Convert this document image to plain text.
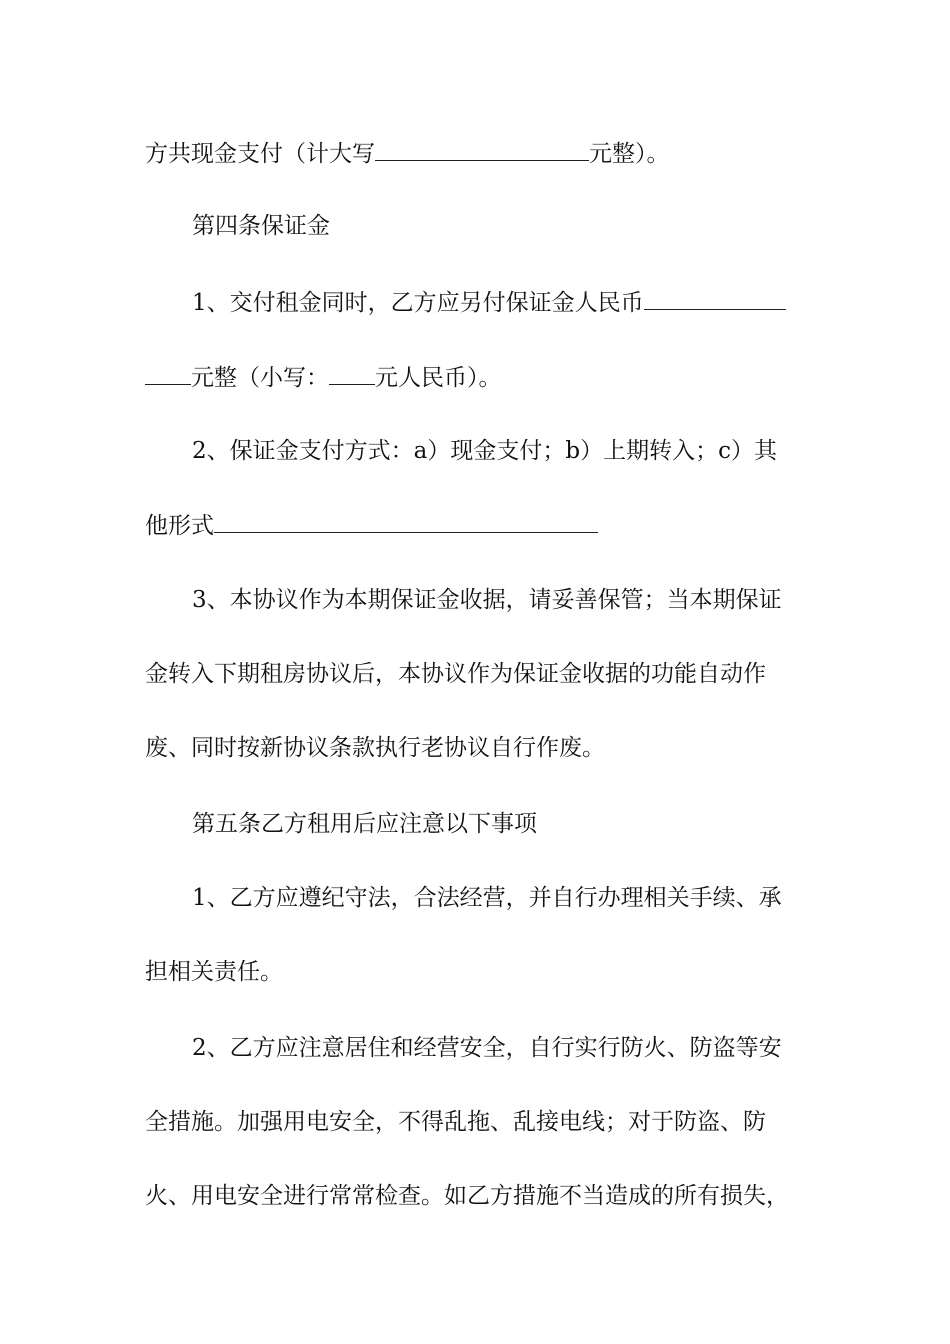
方共现金支付（计大写	元整）。
第四条保证金
1、交付租金同时，乙方应另付保证金人民币
元整（小写： 元人民币）。
2、保证金支付方式：a）现金支付；b）上期转入；c）其
他形式
3、本协议作为本期保证金收据，请妥善保管；当本期保证
金转入下期租房协议后，本协议作为保证金收据的功能自动作
废、同时按新协议条款执行老协议自行作废。
第五条乙方租用后应注意以下事项
1、乙方应遵纪守法，合法经营，并自行办理相关手续、承
担相关责任。
2、乙方应注意居住和经营安全，自行实行防火、防盗等安
全措施。加强用电安全，不得乱拖、乱接电线；对于防盗、防
火、用电安全进行常常检查。如乙方措施不当造成的所有损失，
